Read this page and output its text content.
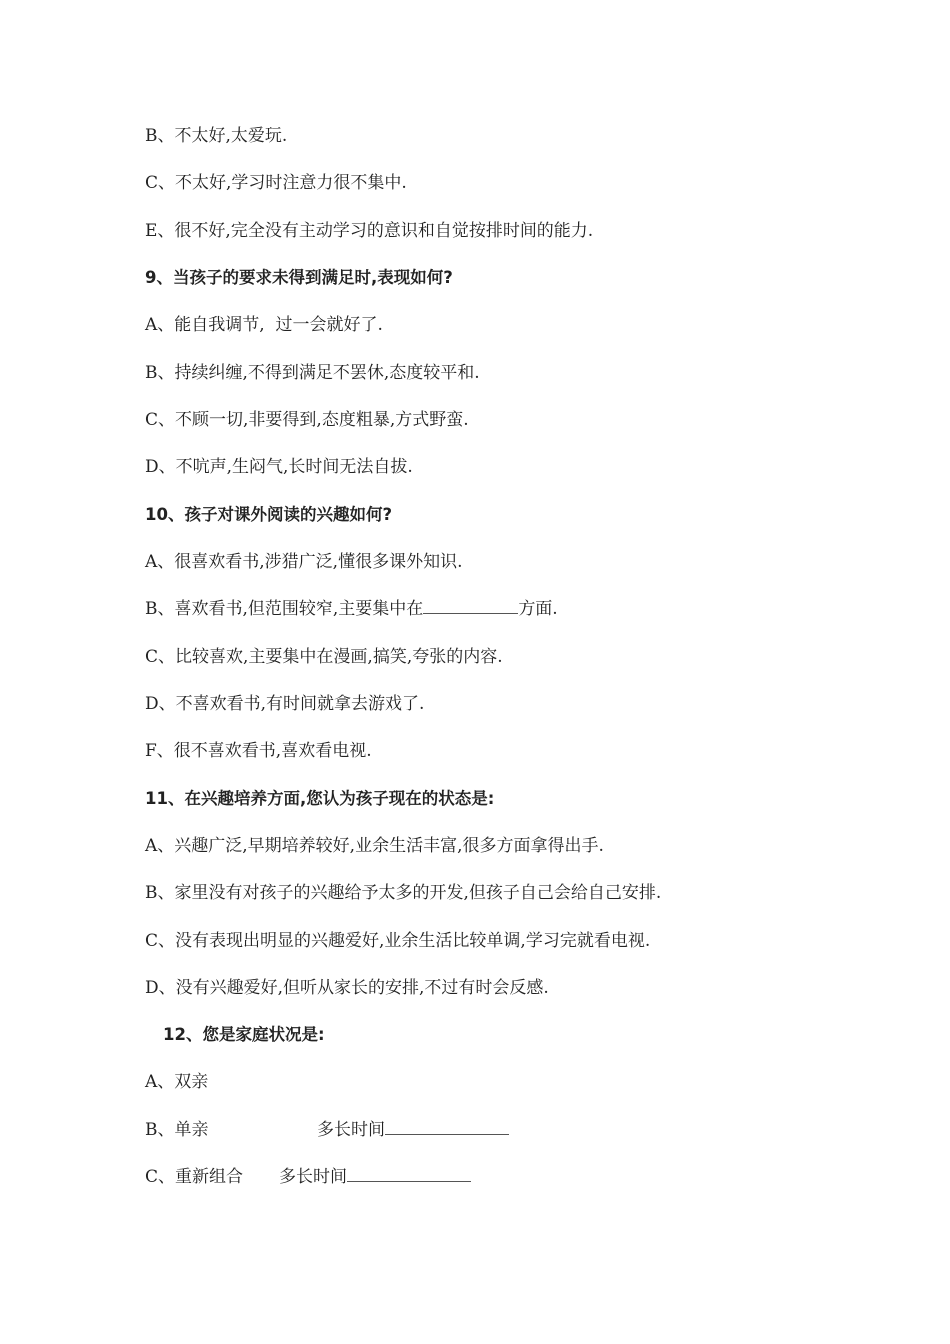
B、不太好,太爱玩.
C、不太好,学习时注意力很不集中.
E、很不好,完全没有主动学习的意识和自觉按排时间的能力.
9、当孩子的要求未得到满足时,表现如何?
A、能自我调节,  过一会就好了.
B、持续纠缠,不得到满足不罢休,态度较平和.
C、不顾一切,非要得到,态度粗暴,方式野蛮.
D、不吭声,生闷气,长时间无法自拔.
10、孩子对课外阅读的兴趣如何?
A、很喜欢看书,涉猎广泛,懂很多课外知识.
B、喜欢看书,但范围较窄,主要集中在	方面.
C、比较喜欢,主要集中在漫画,搞笑,夸张的内容.
D、不喜欢看书,有时间就拿去游戏了.
F、很不喜欢看书,喜欢看电视.
11、在兴趣培养方面,您认为孩子现在的状态是:
A、兴趣广泛,早期培养较好,业余生活丰富,很多方面拿得出手.
B、家里没有对孩子的兴趣给予太多的开发,但孩子自己会给自己安排.
C、没有表现出明显的兴趣爱好,业余生活比较单调,学习完就看电视.
D、没有兴趣爱好,但听从家长的安排,不过有时会反感.
12、您是家庭状况是:
A、双亲
B、单亲	多长时间
C、重新组合 多长时间
